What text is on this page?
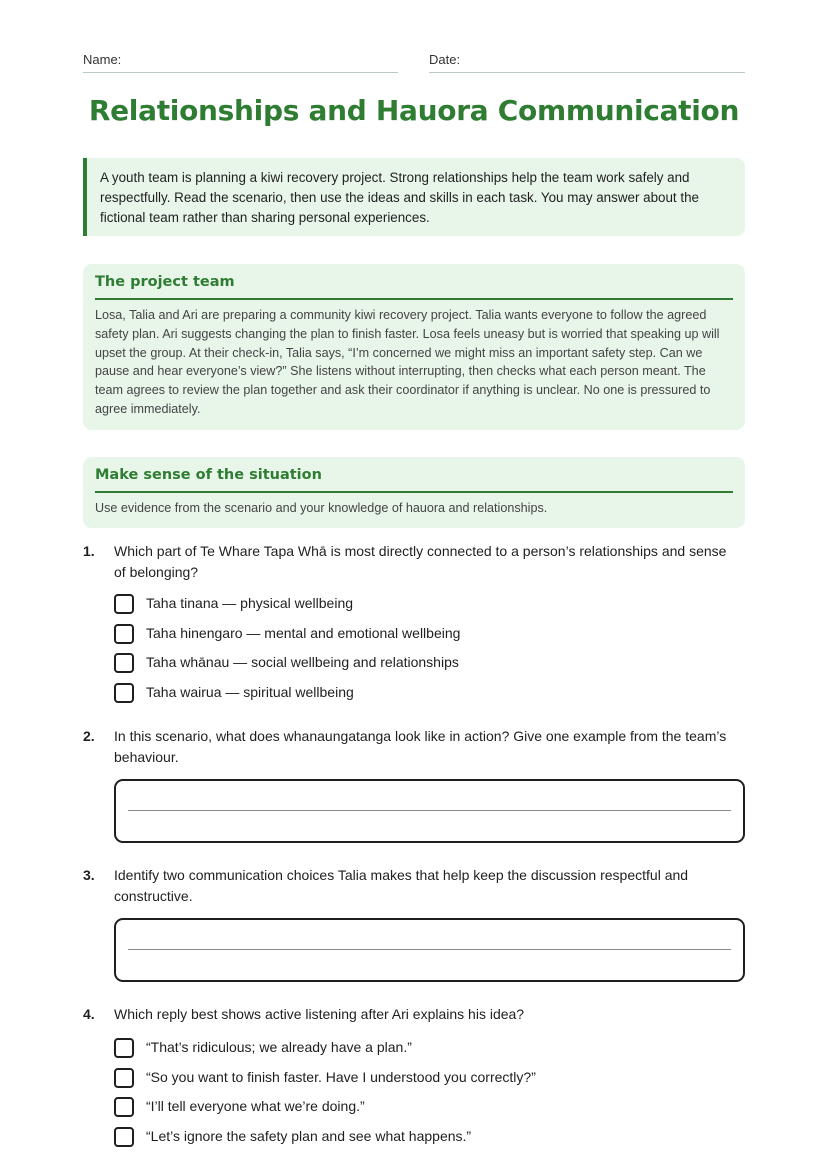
Name:	Date:
Relationships and Hauora Communication
A youth team is planning a kiwi recovery project. Strong relationships help the team work safely and respectfully. Read the scenario, then use the ideas and skills in each task. You may answer about the fictional team rather than sharing personal experiences.
The project team

Losa, Talia and Ari are preparing a community kiwi recovery project. Talia wants everyone to follow the agreed safety plan. Ari suggests changing the plan to finish faster. Losa feels uneasy but is worried that speaking up will upset the group. At their check-in, Talia says, “I’m concerned we might miss an important safety step. Can we pause and hear everyone’s view?” She listens without interrupting, then checks what each person meant. The team agrees to review the plan together and ask their coordinator if anything is unclear. No one is pressured to agree immediately.

Make sense of the situation

Use evidence from the scenario and your knowledge of hauora and relationships.

1. Which part of Te Whare Tapa Whā is most directly connected to a person’s relationships and sense of belonging?
Taha tinana — physical wellbeing
Taha hinengaro — mental and emotional wellbeing
Taha whānau — social wellbeing and relationships
Taha wairua — spiritual wellbeing
2. In this scenario, what does whanaungatanga look like in action? Give one example from the team’s behaviour.
3. Identify two communication choices Talia makes that help keep the discussion respectful and constructive.
4. Which reply best shows active listening after Ari explains his idea?
“That’s ridiculous; we already have a plan.”
“So you want to finish faster. Have I understood you correctly?”
“I’ll tell everyone what we’re doing.”
“Let’s ignore the safety plan and see what happens.”
